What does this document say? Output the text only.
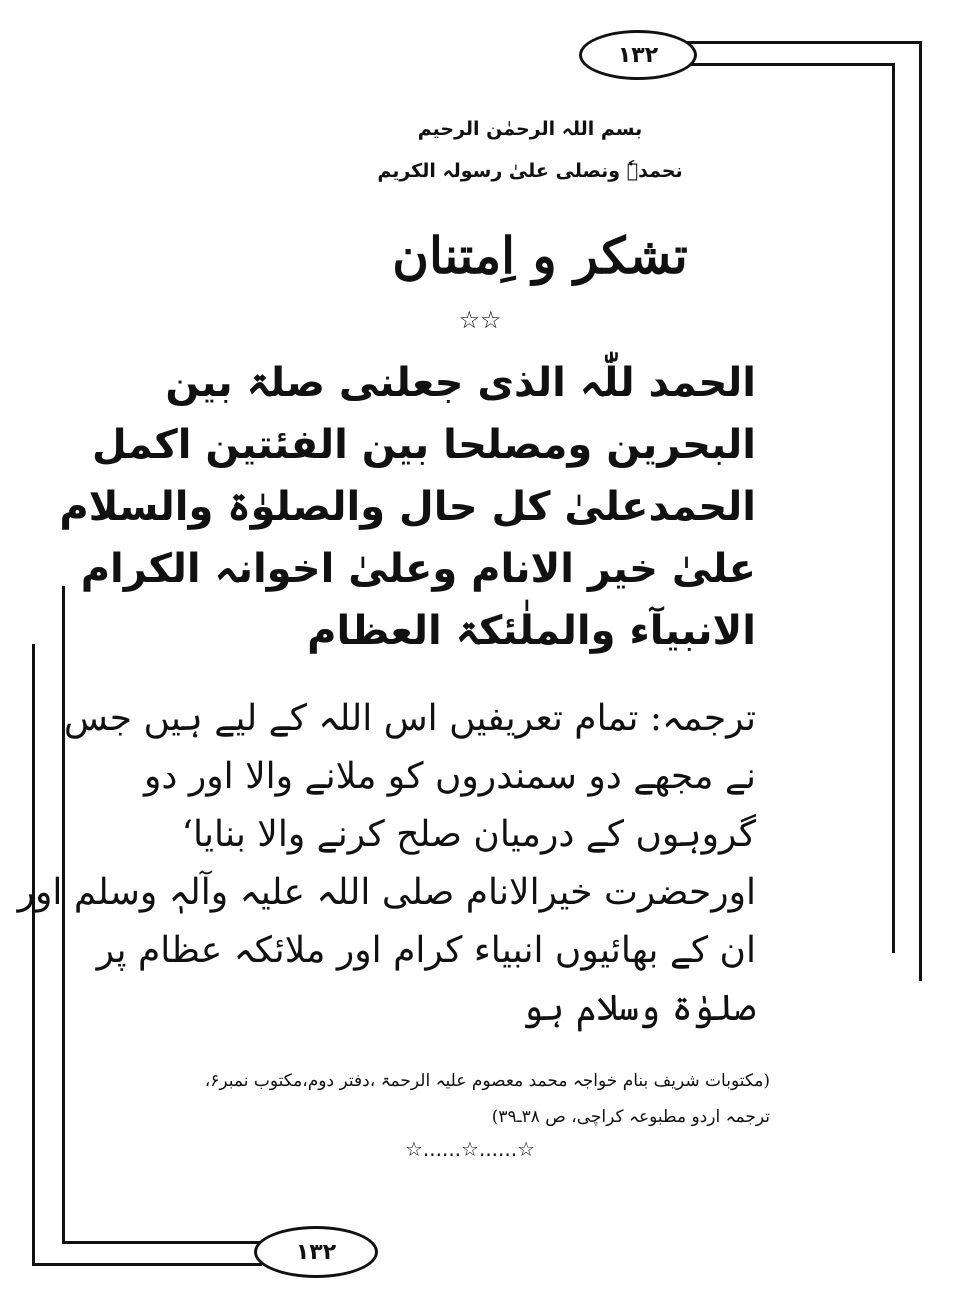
۱۳۲
۱۳۲
بسم اللہ الرحمٰن الرحیم
نحمدہٗ ونصلی علیٰ رسولہ الکریم
تشکر و اِمتنان
☆☆
الحمد للّٰہ الذی جعلنی صلۃ بین
البحرین ومصلحا بین الفئتین اکمل
الحمدعلیٰ کل حال والصلوٰۃ والسلام
علیٰ خیر الانام وعلیٰ اخوانہ الکرام
الانبیآء والملٰئکۃ العظام
ترجمہ: تمام تعریفیں اس اللہ کے لیے ہیں جس
نے مجھے دو سمندروں کو ملانے والا اور دو
گروہوں کے درمیان صلح کرنے والا بنایا‘
اورحضرت خیرالانام صلی اللہ علیہ وآلہٖ وسلم اور
ان کے بھائیوں انبیاء کرام اور ملائکہ عظام پر
صلوٰۃ وسلام ہو
(مکتوبات شریف بنام خواجہ محمد معصوم علیہ الرحمۃ ،دفتر دوم،مکتوب نمبر۶،
ترجمہ اردو مطبوعہ کراچی، ص ۳۸ـ۳۹)
☆......☆......☆
